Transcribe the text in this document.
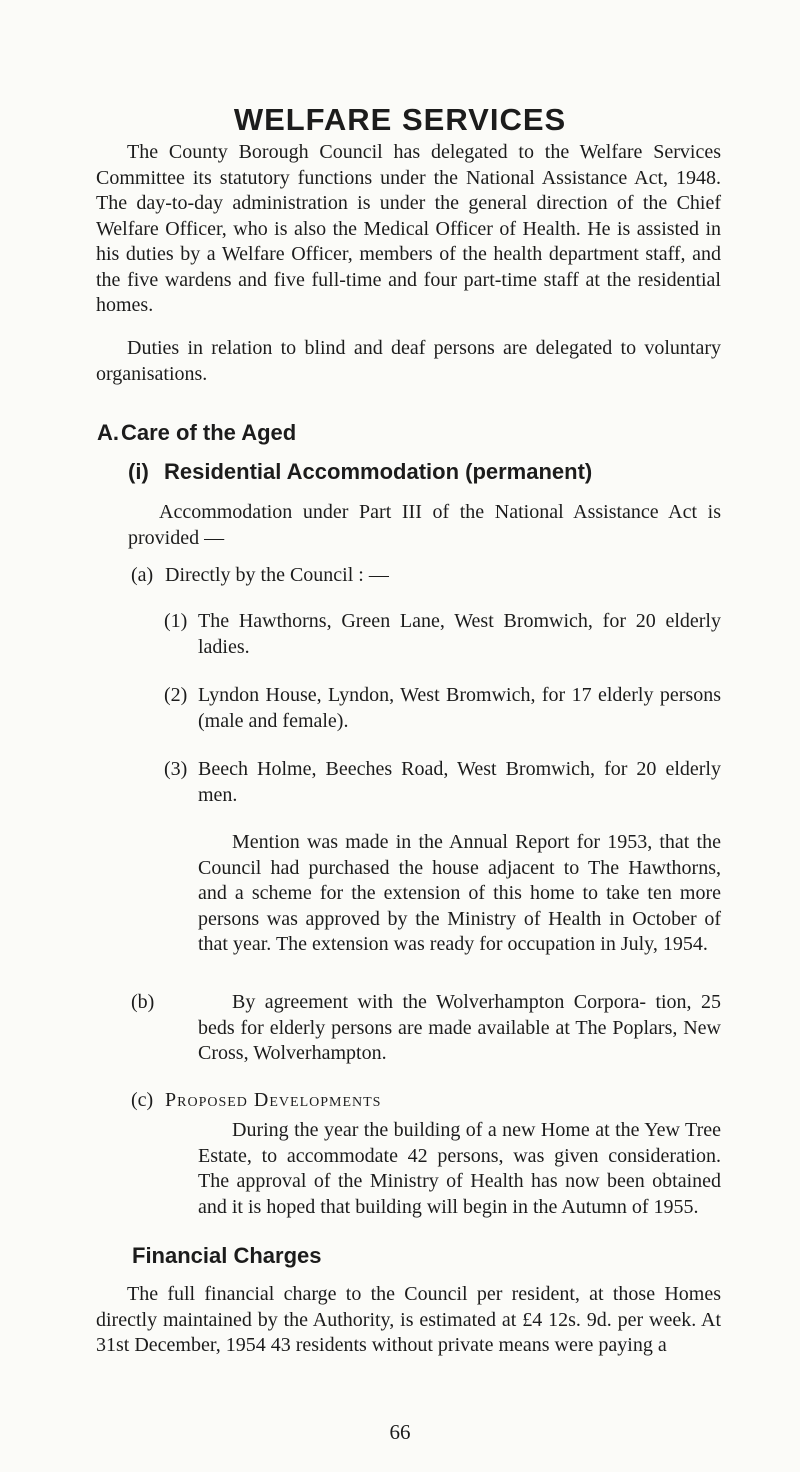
WELFARE SERVICES

The County Borough Council has delegated to the Welfare Services Committee its statutory functions under the National Assistance Act, 1948. The day-to-day administration is under the general direction of the Chief Welfare Officer, who is also the Medical Officer of Health. He is assisted in his duties by a Welfare Officer, members of the health department staff, and the five wardens and five full-time and four part-time staff at the residential homes.

Duties in relation to blind and deaf persons are delegated to voluntary organisations.

A.Care of the Aged
(i) Residential Accommodation (permanent)

Accommodation under Part III of the National Assistance Act is provided —

(a) Directly by the Council : —
(1) The Hawthorns, Green Lane, West Bromwich, for 20 elderly ladies.
(2) Lyndon House, Lyndon, West Bromwich, for 17 elderly persons (male and female).
(3) Beech Holme, Beeches Road, West Bromwich, for 20 elderly men.

Mention was made in the Annual Report for 1953, that the Council had purchased the house adjacent to The Hawthorns, and a scheme for the extension of this home to take ten more persons was approved by the Ministry of Health in October of that year. The extension was ready for occupation in July, 1954.

(b)	By agreement with the Wolverhampton Corpora- tion, 25 beds for elderly persons are made available at The Poplars, New Cross, Wolverhampton.
(c) Proposed Developments

During the year the building of a new Home at the Yew Tree Estate, to accommodate 42 persons, was given consideration. The approval of the Ministry of Health has now been obtained and it is hoped that building will begin in the Autumn of 1955.

Financial Charges

The full financial charge to the Council per resident, at those Homes directly maintained by the Authority, is estimated at £4 12s. 9d. per week. At 31st December, 1954 43 residents without private means were paying a

66
